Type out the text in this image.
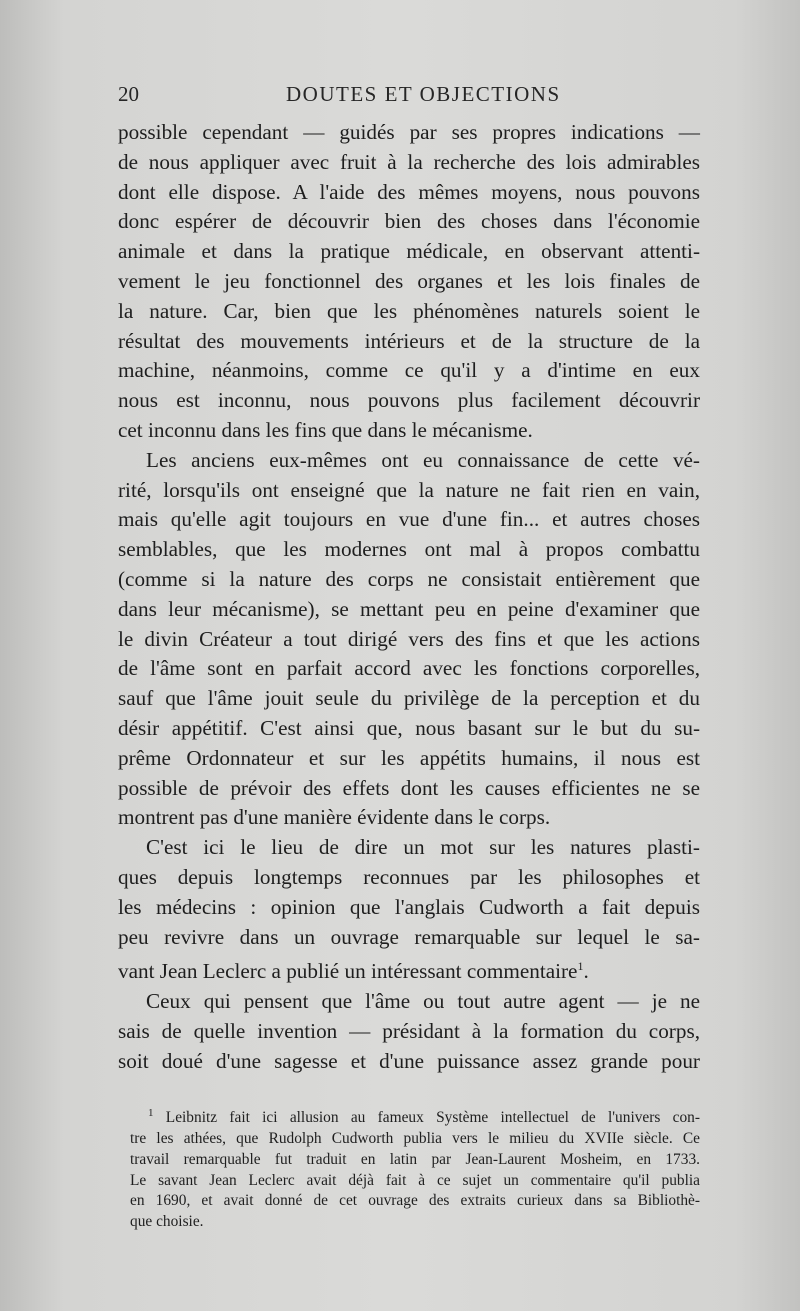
20	DOUTES ET OBJECTIONS
possible cependant — guidés par ses propres indications —
de nous appliquer avec fruit à la recherche des lois admirables
dont elle dispose. A l'aide des mêmes moyens, nous pouvons
donc espérer de découvrir bien des choses dans l'économie
animale et dans la pratique médicale, en observant attenti-
vement le jeu fonctionnel des organes et les lois finales de
la nature. Car, bien que les phénomènes naturels soient le
résultat des mouvements intérieurs et de la structure de la
machine, néanmoins, comme ce qu'il y a d'intime en eux
nous est inconnu, nous pouvons plus facilement découvrir
cet inconnu dans les fins que dans le mécanisme.
Les anciens eux-mêmes ont eu connaissance de cette vé-
rité, lorsqu'ils ont enseigné que la nature ne fait rien en vain,
mais qu'elle agit toujours en vue d'une fin... et autres choses
semblables, que les modernes ont mal à propos combattu
(comme si la nature des corps ne consistait entièrement que
dans leur mécanisme), se mettant peu en peine d'examiner que
le divin Créateur a tout dirigé vers des fins et que les actions
de l'âme sont en parfait accord avec les fonctions corporelles,
sauf que l'âme jouit seule du privilège de la perception et du
désir appétitif. C'est ainsi que, nous basant sur le but du su-
prême Ordonnateur et sur les appétits humains, il nous est
possible de prévoir des effets dont les causes efficientes ne se
montrent pas d'une manière évidente dans le corps.
C'est ici le lieu de dire un mot sur les natures plasti-
ques depuis longtemps reconnues par les philosophes et
les médecins : opinion que l'anglais Cudworth a fait depuis
peu revivre dans un ouvrage remarquable sur lequel le sa-
vant Jean Leclerc a publié un intéressant commentaire$^1$.
Ceux qui pensent que l'âme ou tout autre agent — je ne
sais de quelle invention — présidant à la formation du corps,
soit doué d'une sagesse et d'une puissance assez grande pour
$^1$ Leibnitz fait ici allusion au fameux Système intellectuel de l'univers con-
tre les athées, que Rudolph Cudworth publia vers le milieu du XVIIe siècle. Ce
travail remarquable fut traduit en latin par Jean-Laurent Mosheim, en 1733.
Le savant Jean Leclerc avait déjà fait à ce sujet un commentaire qu'il publia
en 1690, et avait donné de cet ouvrage des extraits curieux dans sa Bibliothè-
que choisie.
